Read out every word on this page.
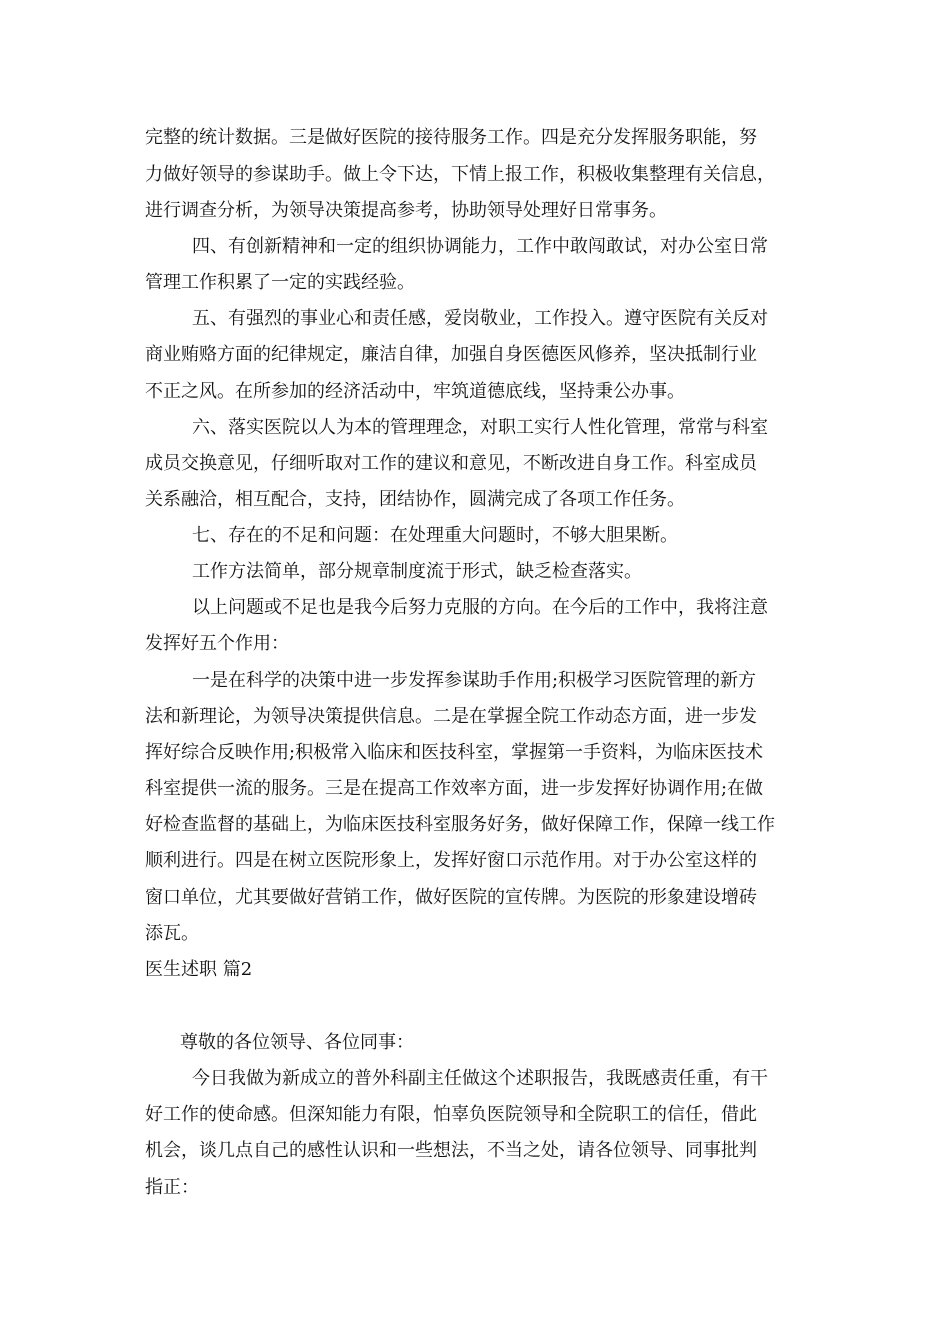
完整的统计数据。三是做好医院的接待服务工作。四是充分发挥服务职能，努
力做好领导的参谋助手。做上令下达，下情上报工作，积极收集整理有关信息，
进行调查分析，为领导决策提高参考，协助领导处理好日常事务。
四、有创新精神和一定的组织协调能力，工作中敢闯敢试，对办公室日常
管理工作积累了一定的实践经验。
五、有强烈的事业心和责任感，爱岗敬业，工作投入。遵守医院有关反对
商业贿赂方面的纪律规定，廉洁自律，加强自身医德医风修养，坚决抵制行业
不正之风。在所参加的经济活动中，牢筑道德底线，坚持秉公办事。
六、落实医院以人为本的管理理念，对职工实行人性化管理，常常与科室
成员交换意见，仔细听取对工作的建议和意见，不断改进自身工作。科室成员
关系融洽，相互配合，支持，团结协作，圆满完成了各项工作任务。
七、存在的不足和问题：在处理重大问题时，不够大胆果断。
工作方法简单，部分规章制度流于形式，缺乏检查落实。
以上问题或不足也是我今后努力克服的方向。在今后的工作中，我将注意
发挥好五个作用：
一是在科学的决策中进一步发挥参谋助手作用;积极学习医院管理的新方
法和新理论，为领导决策提供信息。二是在掌握全院工作动态方面，进一步发
挥好综合反映作用;积极常入临床和医技科室，掌握第一手资料，为临床医技术
科室提供一流的服务。三是在提高工作效率方面，进一步发挥好协调作用;在做
好检查监督的基础上，为临床医技科室服务好务，做好保障工作，保障一线工作
顺利进行。四是在树立医院形象上，发挥好窗口示范作用。对于办公室这样的
窗口单位，尤其要做好营销工作，做好医院的宣传牌。为医院的形象建设增砖
添瓦。
医生述职 篇2
尊敬的各位领导、各位同事：
今日我做为新成立的普外科副主任做这个述职报告，我既感责任重，有干
好工作的使命感。但深知能力有限，怕辜负医院领导和全院职工的信任，借此
机会，谈几点自己的感性认识和一些想法，不当之处，请各位领导、同事批判
指正：
